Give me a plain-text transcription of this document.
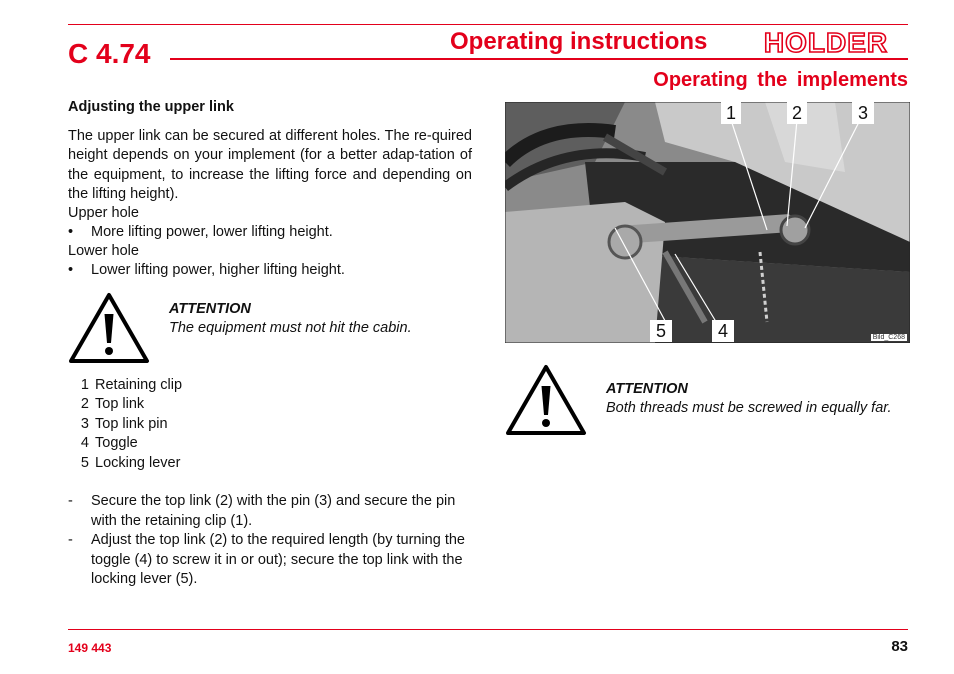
C 4.74	Operating instructions HOLDER
Operating the implements
Adjusting the upper link
The upper link can be secured at different holes. The re-quired height depends on your implement (for a better adap-tation of the equipment, to increase the lifting force and depending on the lifting height).
Upper hole
•	More lifting power, lower lifting height.
Lower hole
•	Lower lifting power, higher lifting height.
ATTENTION
The equipment must not hit the cabin.
1 Retaining clip
2 Top link
3 Top link pin
4 Toggle
5 Locking lever
-	Secure the top link (2) with the pin (3) and secure the pin with the retaining clip (1).
-	Adjust the top link (2) to the required length (by turning the toggle (4) to screw it in or out); secure the top link with the locking lever (5).
1	2	3
5	4	Bild_C268
ATTENTION
Both threads must be screwed in equally far.
149 443	83
